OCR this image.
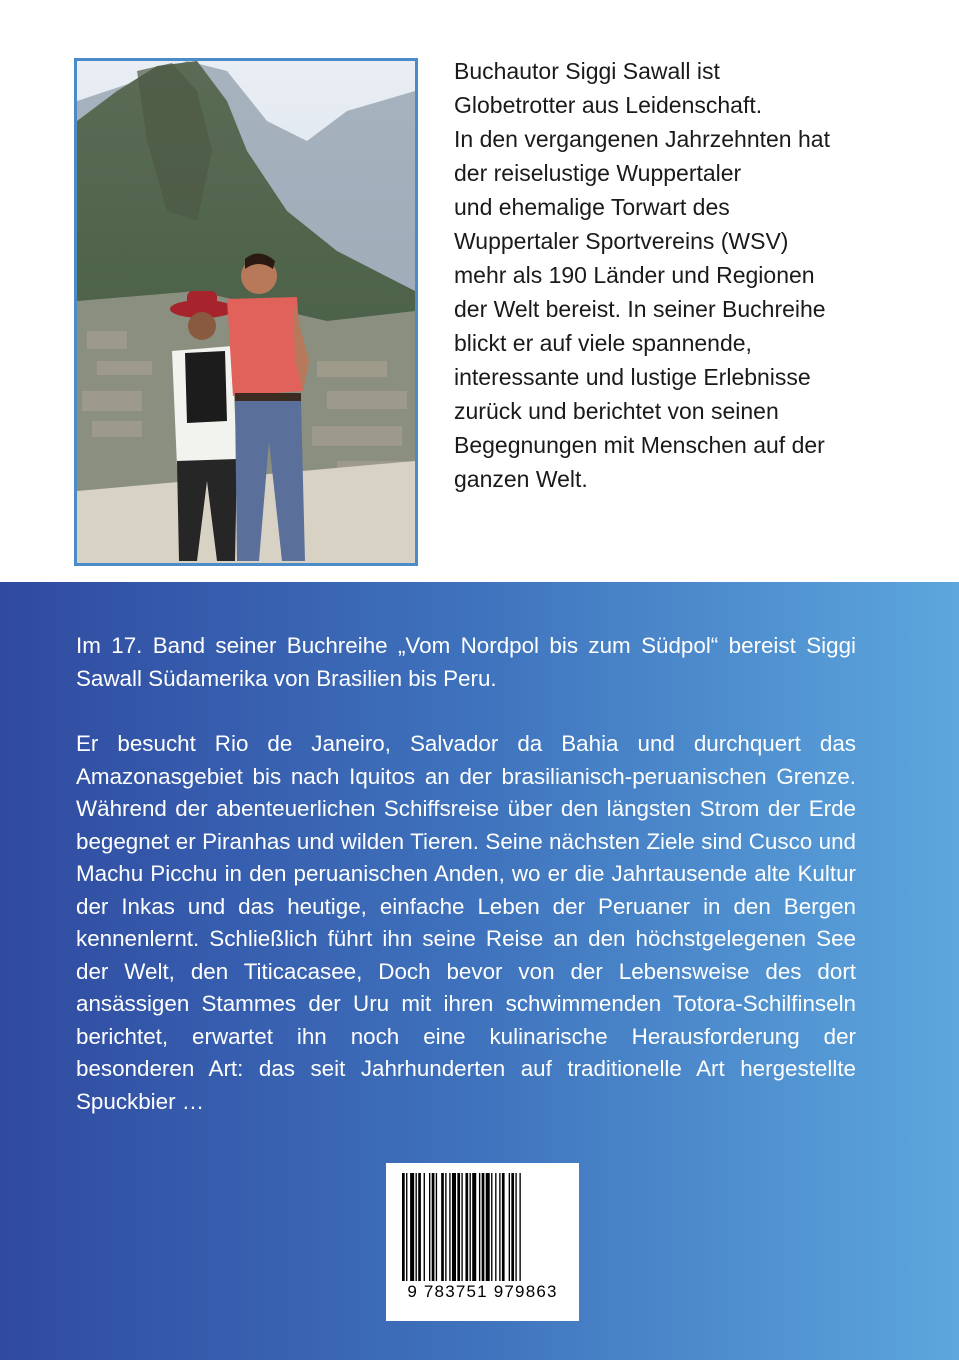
Buchautor Siggi Sawall ist
Globetrotter aus Leidenschaft.
In den vergangenen Jahrzehnten hat
der reiselustige Wuppertaler
und ehemalige Torwart des
Wuppertaler Sportvereins (WSV)
mehr als 190 Länder und Regionen
der Welt bereist. In seiner Buchreihe
blickt er auf viele spannende,
interessante und lustige Erlebnisse
zurück und berichtet von seinen
Begegnungen mit Menschen auf der
ganzen Welt.

Im 17. Band seiner Buchreihe „Vom Nordpol bis zum Südpol“ bereist Siggi Sawall Südamerika von Brasilien bis Peru.

Er besucht Rio de Janeiro, Salvador da Bahia und durchquert das Amazonasgebiet bis nach Iquitos an der brasilianisch-peruanischen Grenze. Während der abenteuerlichen Schiffsreise über den längsten Strom der Erde begegnet er Piranhas und wilden Tieren. Seine nächsten Ziele sind Cusco und Machu Picchu in den peruanischen Anden, wo er die Jahrtausende alte Kultur der Inkas und das heutige, einfache Leben der Peruaner in den Bergen kennenlernt. Schließlich führt ihn seine Reise an den höchstgelegenen See der Welt, den Titicacasee, Doch bevor von der Lebensweise des dort ansässigen Stammes der Uru mit ihren schwimmenden Totora-Schilfinseln berichtet, erwartet ihn noch eine kulinarische Herausforderung der besonderen Art: das seit Jahrhunderten auf traditionelle Art hergestellte Spuckbier …

9 783751 979863
